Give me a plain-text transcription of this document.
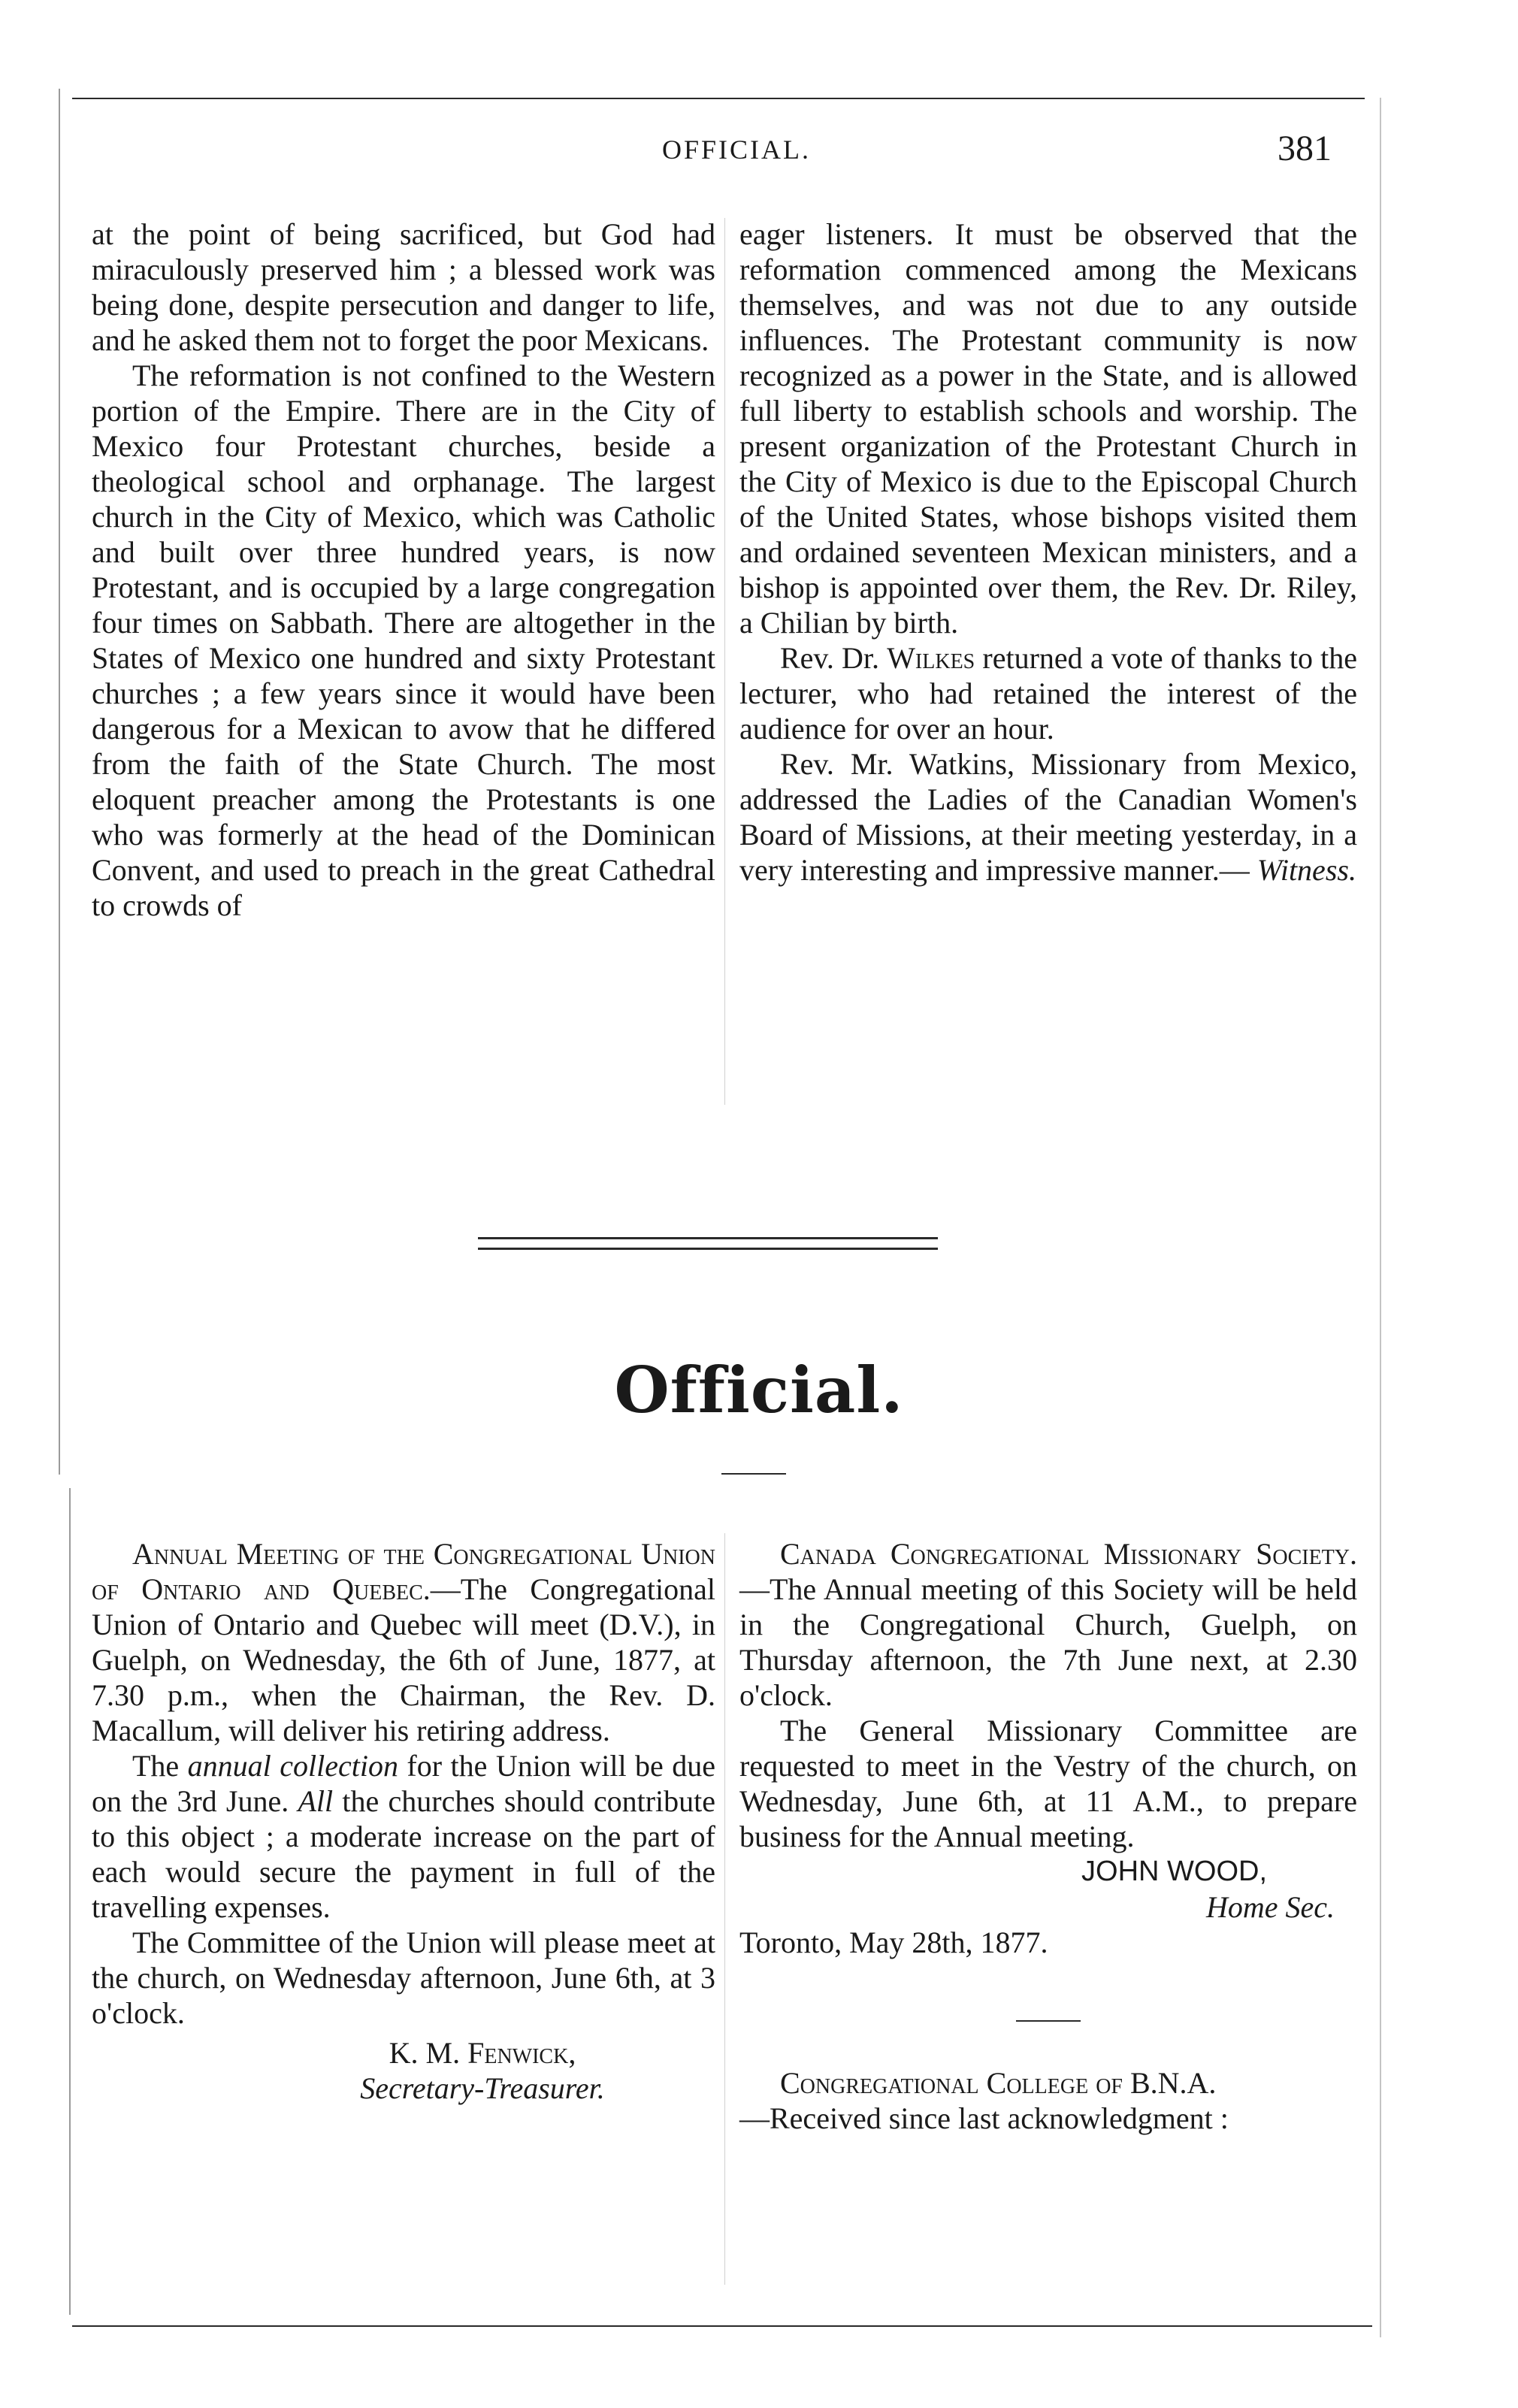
OFFICIAL.	381

at the point of being sacrificed, but God had miraculously preserved him ; a blessed work was being done, despite persecution and danger to life, and he asked them not to forget the poor Mexicans.

The reformation is not confined to the Western portion of the Empire. There are in the City of Mexico four Protestant churches, beside a theological school and orphanage. The largest church in the City of Mexico, which was Catholic and built over three hundred years, is now Protestant, and is occupied by a large congregation four times on Sabbath. There are altogether in the States of Mexico one hundred and sixty Protestant churches ; a few years since it would have been dangerous for a Mexican to avow that he differed from the faith of the State Church. The most eloquent preacher among the Protestants is one who was formerly at the head of the Dominican Convent, and used to preach in the great Cathedral to crowds of

eager listeners. It must be observed that the reformation commenced among the Mexicans themselves, and was not due to any outside influences. The Protestant community is now recognized as a power in the State, and is allowed full liberty to establish schools and worship. The present organization of the Protestant Church in the City of Mexico is due to the Episcopal Church of the United States, whose bishops visited them and ordained seventeen Mexican ministers, and a bishop is appointed over them, the Rev. Dr. Riley, a Chilian by birth.

Rev. Dr. Wilkes returned a vote of thanks to the lecturer, who had retained the interest of the audience for over an hour.

Rev. Mr. Watkins, Missionary from Mexico, addressed the Ladies of the Canadian Women's Board of Missions, at their meeting yesterday, in a very interesting and impressive manner.— Witness.

Official.

Annual Meeting of the Congregational Union of Ontario and Quebec.—The Congregational Union of Ontario and Quebec will meet (D.V.), in Guelph, on Wednesday, the 6th of June, 1877, at 7.30 p.m., when the Chairman, the Rev. D. Macallum, will deliver his retiring address.

The annual collection for the Union will be due on the 3rd June. All the churches should contribute to this object ; a moderate increase on the part of each would secure the payment in full of the travelling expenses.

The Committee of the Union will please meet at the church, on Wednesday afternoon, June 6th, at 3 o'clock.

K. M. Fenwick,

Secretary-Treasurer.

Canada Congregational Missionary Society.—The Annual meeting of this Society will be held in the Congregational Church, Guelph, on Thursday afternoon, the 7th June next, at 2.30 o'clock.

The General Missionary Committee are requested to meet in the Vestry of the church, on Wednesday, June 6th, at 11 A.M., to prepare business for the Annual meeting.

JOHN WOOD,

Home Sec.

Toronto, May 28th, 1877.

Congregational College of B.N.A.

—Received since last acknowledgment :
